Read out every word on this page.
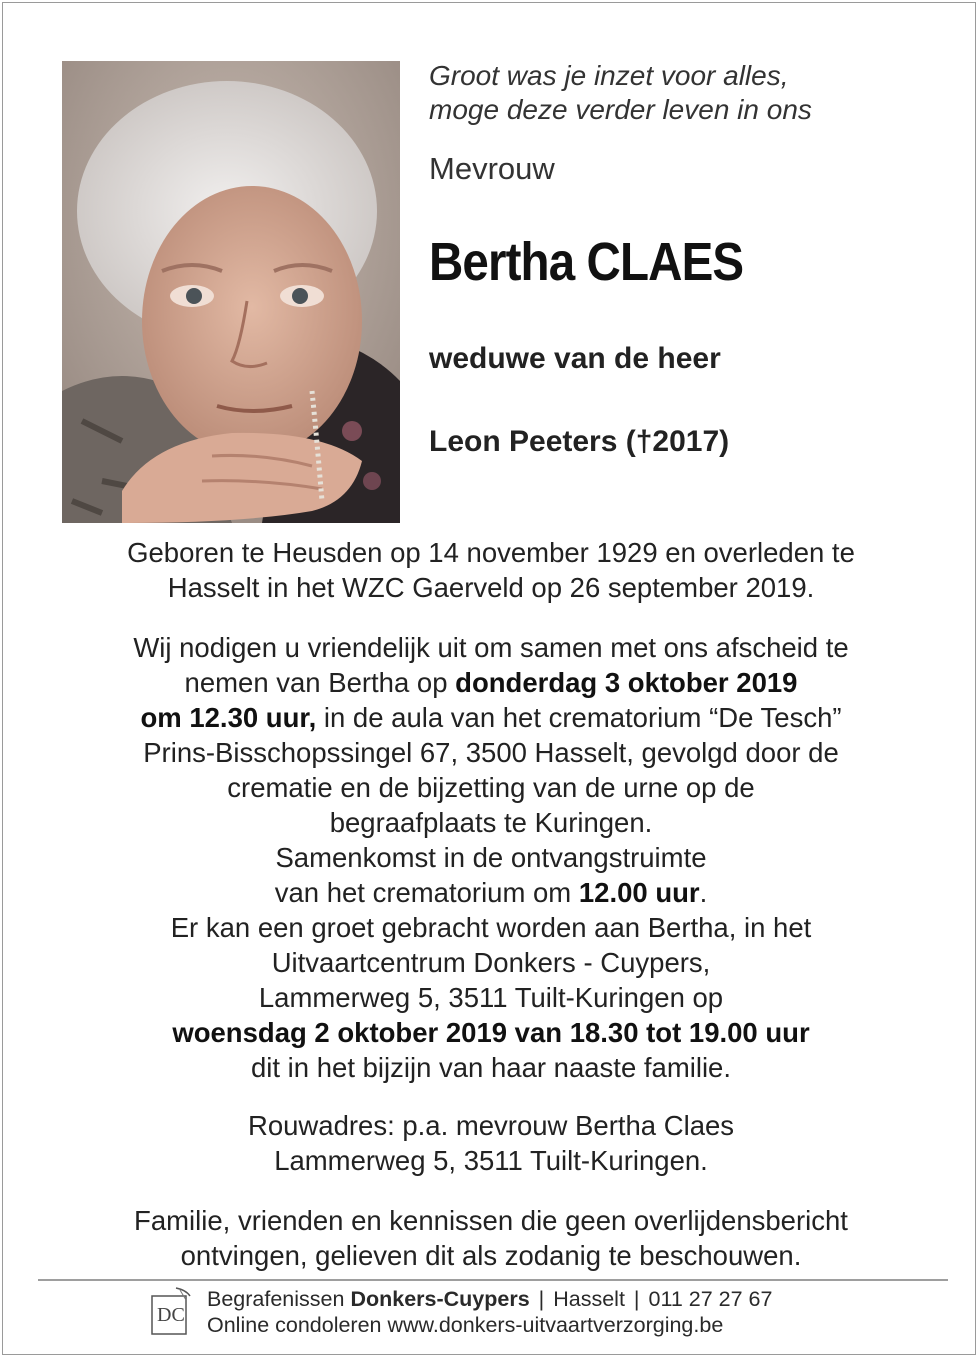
Groot was je inzet voor alles,
moge deze verder leven in ons
Mevrouw
Bertha CLAES
weduwe van de heer
Leon Peeters (†2017)

Geboren te Heusden op 14 november 1929 en overleden te

Hasselt in het WZC Gaerveld op 26 september 2019.

Wij nodigen u vriendelijk uit om samen met ons afscheid te

nemen van Bertha op donderdag 3 oktober 2019

om 12.30 uur, in de aula van het crematorium “De Tesch”

Prins-Bisschopssingel 67, 3500 Hasselt, gevolgd door de

crematie en de bijzetting van de urne op de

begraafplaats te Kuringen.

Samenkomst in de ontvangstruimte

van het crematorium om 12.00 uur.

Er kan een groet gebracht worden aan Bertha, in het

Uitvaartcentrum Donkers - Cuypers,

Lammerweg 5, 3511 Tuilt-Kuringen op

woensdag 2 oktober 2019 van 18.30 tot 19.00 uur

dit in het bijzijn van haar naaste familie.

Rouwadres: p.a. mevrouw Bertha Claes

Lammerweg 5, 3511 Tuilt-Kuringen.

Familie, vrienden en kennissen die geen overlijdensbericht

ontvingen, gelieven dit als zodanig te beschouwen.

DC
Begrafenissen Donkers-Cuypers | Hasselt | 011 27 27 67
Online condoleren www.donkers-uitvaartverzorging.be
